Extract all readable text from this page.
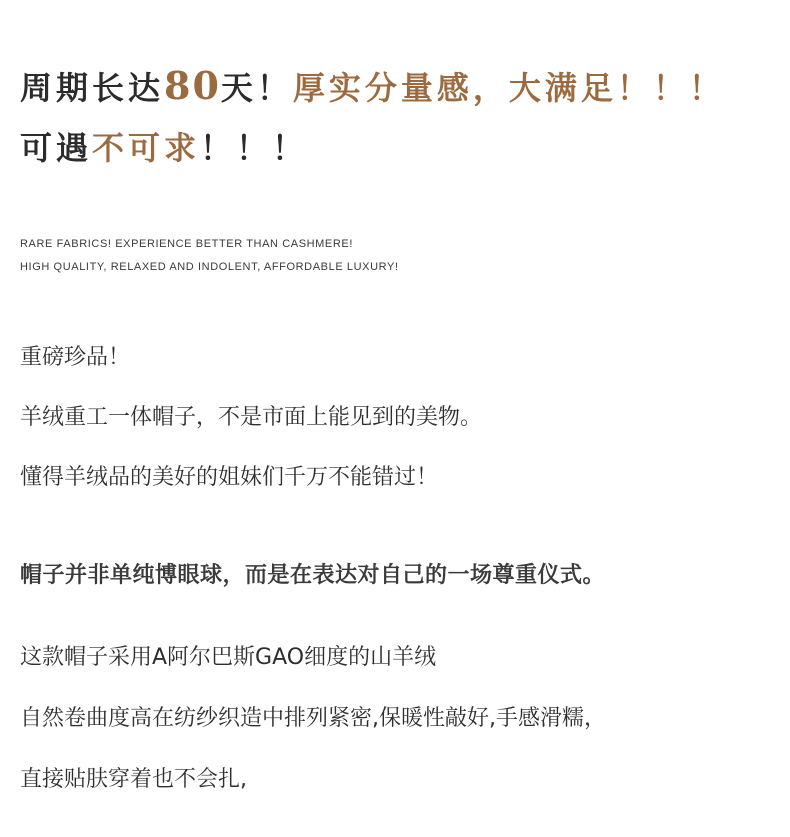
周期长达80天！厚实分量感，大满足！！！
可遇不可求！！！
RARE FABRICS! EXPERIENCE BETTER THAN CASHMERE!
HIGH QUALITY, RELAXED AND INDOLENT, AFFORDABLE LUXURY!
重磅珍品！
羊绒重工一体帽子，不是市面上能见到的美物。
懂得羊绒品的美好的姐妹们千万不能错过！
帽子并非单纯博眼球，而是在表达对自己的一场尊重仪式。
这款帽子采用A阿尔巴斯GAO细度的山羊绒
自然卷曲度高在纺纱织造中排列紧密,保暖性敲好,手感滑糯，
直接贴肤穿着也不会扎,
